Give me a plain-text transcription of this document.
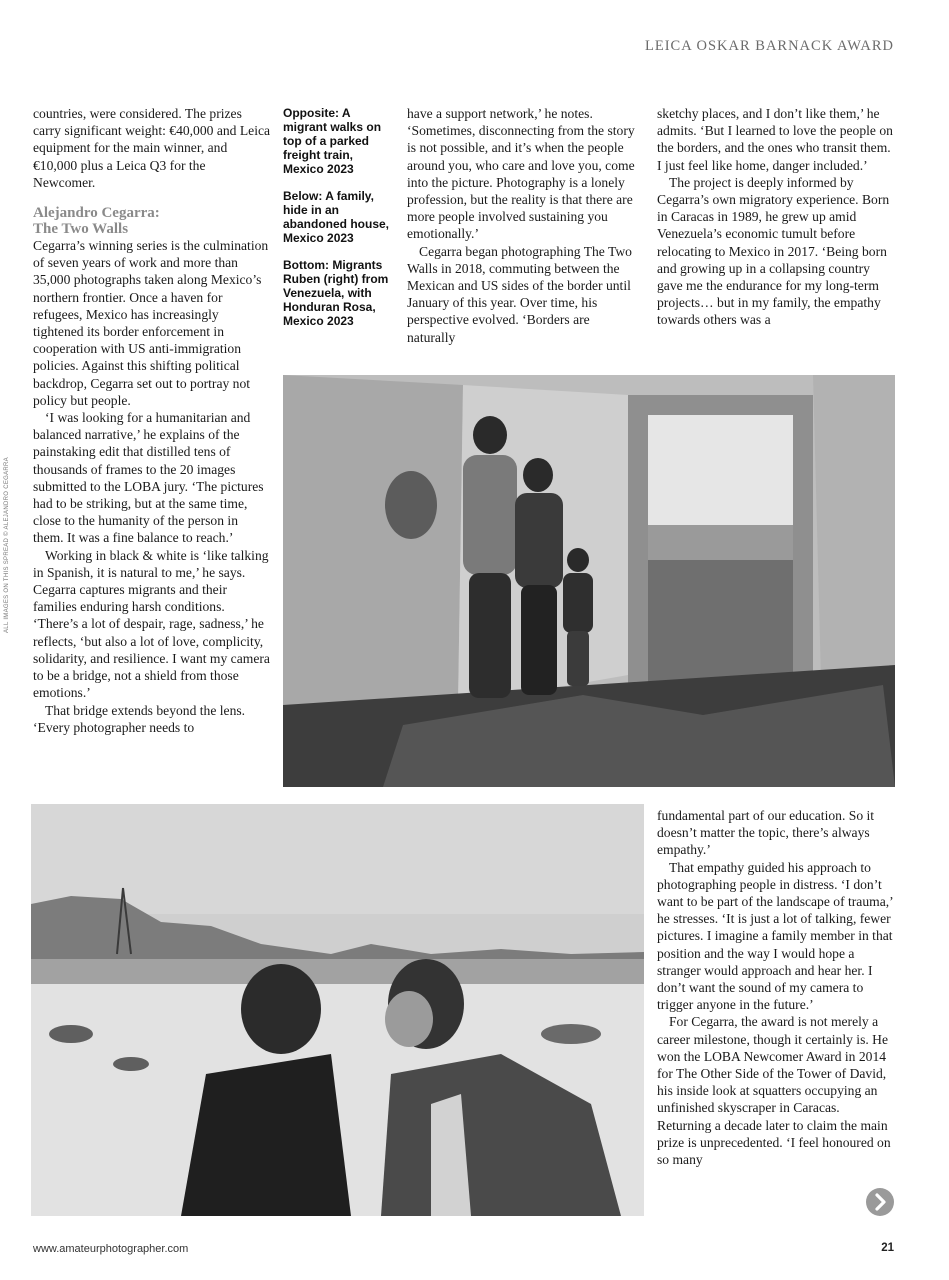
LEICA OSKAR BARNACK AWARD
ALL IMAGES ON THIS SPREAD © ALEJANDRO CEGARRA

countries, were considered. The prizes carry significant weight: €40,000 and Leica equipment for the main winner, and €10,000 plus a Leica Q3 for the Newcomer.

Alejandro Cegarra:
The Two Walls

Cegarra’s winning series is the culmination of seven years of work and more than 35,000 photographs taken along Mexico’s northern frontier. Once a haven for refugees, Mexico has increasingly tightened its border enforcement in cooperation with US anti-immigration policies. Against this shifting political backdrop, Cegarra set out to portray not policy but people.

‘I was looking for a humanitarian and balanced narrative,’ he explains of the painstaking edit that distilled tens of thousands of frames to the 20 images submitted to the LOBA jury. ‘The pictures had to be striking, but at the same time, close to the humanity of the person in them. It was a fine balance to reach.’

Working in black & white is ‘like talking in Spanish, it is natural to me,’ he says. Cegarra captures migrants and their families enduring harsh conditions. ‘There’s a lot of despair, rage, sadness,’ he reflects, ‘but also a lot of love, complicity, solidarity, and resilience. I want my camera to be a bridge, not a shield from those emotions.’

That bridge extends beyond the lens. ‘Every photographer needs to

Opposite: A migrant walks on top of a parked freight train, Mexico 2023

Below: A family, hide in an abandoned house, Mexico 2023

Bottom: Migrants Ruben (right) from Venezuela, with Honduran Rosa, Mexico 2023

have a support network,’ he notes. ‘Sometimes, disconnecting from the story is not possible, and it’s when the people around you, who care and love you, come into the picture. Photography is a lonely profession, but the reality is that there are more people involved sustaining you emotionally.’

Cegarra began photographing The Two Walls in 2018, commuting between the Mexican and US sides of the border until January of this year. Over time, his perspective evolved. ‘Borders are naturally

sketchy places, and I don’t like them,’ he admits. ‘But I learned to love the people on the borders, and the ones who transit them. I just feel like home, danger included.’

The project is deeply informed by Cegarra’s own migratory experience. Born in Caracas in 1989, he grew up amid Venezuela’s economic tumult before relocating to Mexico in 2017. ‘Being born and growing up in a collapsing country gave me the endurance for my long-term projects… but in my family, the empathy towards others was a

fundamental part of our education. So it doesn’t matter the topic, there’s always empathy.’

That empathy guided his approach to photographing people in distress. ‘I don’t want to be part of the landscape of trauma,’ he stresses. ‘It is just a lot of talking, fewer pictures. I imagine a family member in that position and the way I would hope a stranger would approach and hear her. I don’t want the sound of my camera to trigger anyone in the future.’

For Cegarra, the award is not merely a career milestone, though it certainly is. He won the LOBA Newcomer Award in 2014 for The Other Side of the Tower of David, his inside look at squatters occupying an unfinished skyscraper in Caracas. Returning a decade later to claim the main prize is unprecedented. ‘I feel honoured on so many

www.amateurphotographer.com	21
